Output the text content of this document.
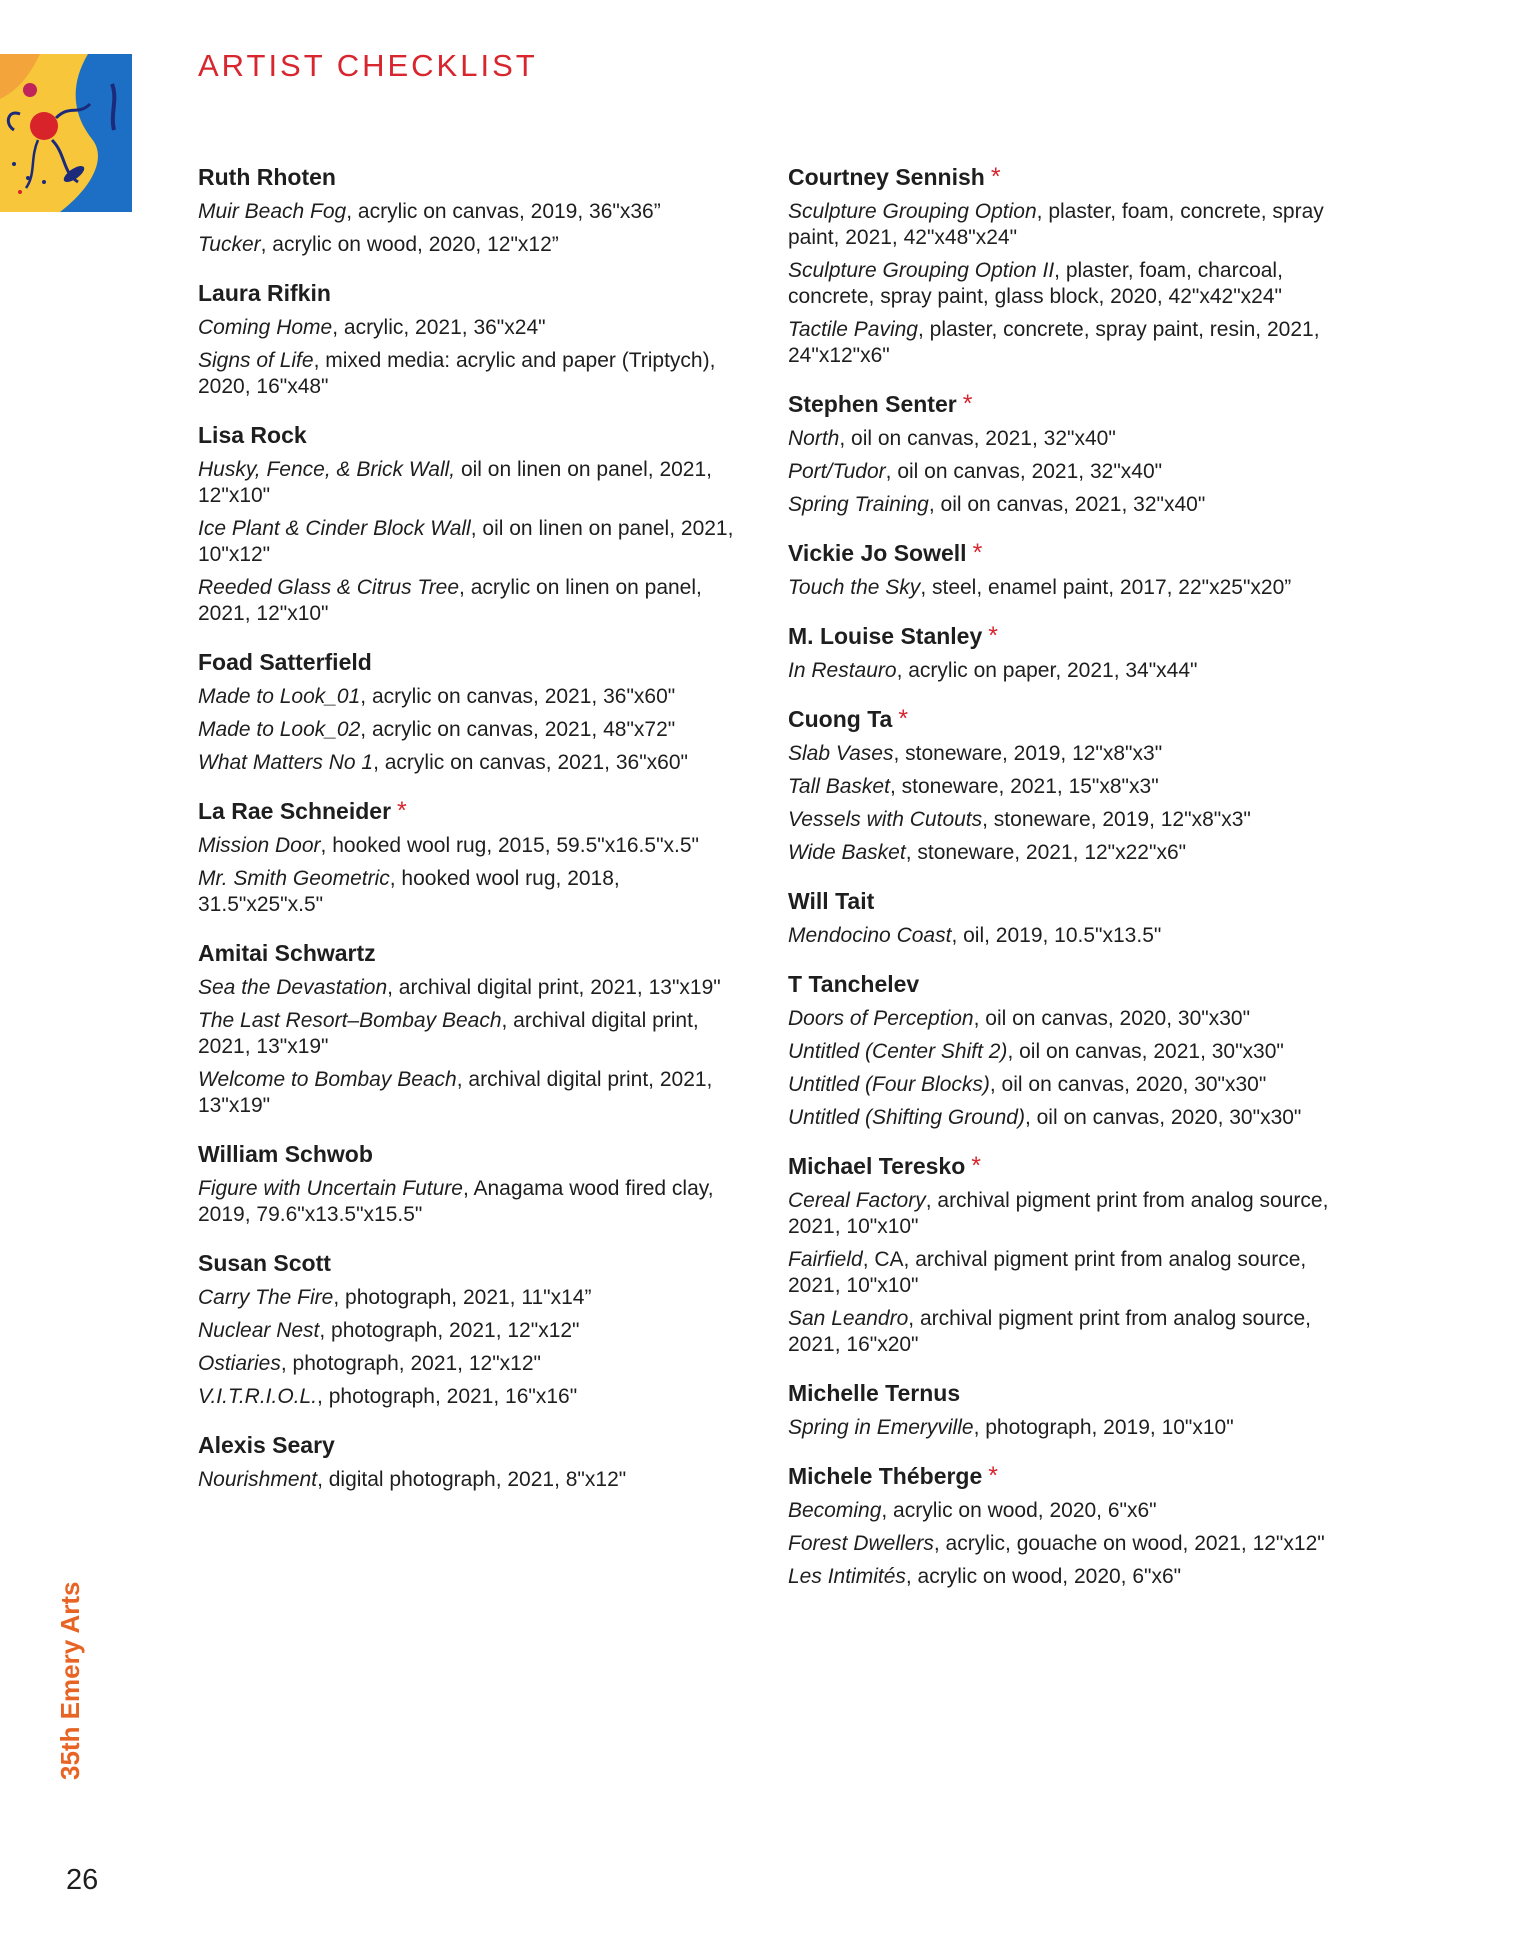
ARTIST CHECKLIST
Ruth Rhoten
Muir Beach Fog, acrylic on canvas, 2019, 36"x36”
Tucker, acrylic on wood, 2020, 12"x12”
Laura Rifkin
Coming Home, acrylic, 2021, 36"x24"
Signs of Life, mixed media: acrylic and paper (Triptych), 2020, 16"x48"
Lisa Rock
Husky, Fence, & Brick Wall, oil on linen on panel, 2021, 12"x10"
Ice Plant & Cinder Block Wall, oil on linen on panel, 2021, 10"x12"
Reeded Glass & Citrus Tree, acrylic on linen on panel, 2021, 12"x10"
Foad Satterfield
Made to Look_01, acrylic on canvas, 2021, 36"x60"
Made to Look_02, acrylic on canvas, 2021, 48"x72"
What Matters No 1, acrylic on canvas, 2021, 36"x60"
La Rae Schneider *
Mission Door, hooked wool rug, 2015, 59.5"x16.5"x.5"
Mr. Smith Geometric, hooked wool rug, 2018, 31.5"x25"x.5"
Amitai Schwartz
Sea the Devastation, archival digital print, 2021, 13"x19"
The Last Resort–Bombay Beach, archival digital print, 2021, 13"x19"
Welcome to Bombay Beach, archival digital print, 2021, 13"x19"
William Schwob
Figure with Uncertain Future, Anagama wood fired clay, 2019, 79.6"x13.5"x15.5"
Susan Scott
Carry The Fire, photograph, 2021, 11"x14”
Nuclear Nest, photograph, 2021, 12"x12"
Ostiaries, photograph, 2021, 12"x12"
V.I.T.R.I.O.L., photograph, 2021, 16"x16"
Alexis Seary
Nourishment, digital photograph, 2021, 8"x12"
Courtney Sennish *
Sculpture Grouping Option, plaster, foam, concrete, spray paint, 2021, 42"x48"x24"
Sculpture Grouping Option II, plaster, foam, charcoal, concrete, spray paint, glass block, 2020, 42"x42"x24"
Tactile Paving, plaster, concrete, spray paint, resin, 2021, 24"x12"x6"
Stephen Senter *
North, oil on canvas, 2021, 32"x40"
Port/Tudor, oil on canvas, 2021, 32"x40"
Spring Training, oil on canvas, 2021, 32"x40"
Vickie Jo Sowell *
Touch the Sky, steel, enamel paint, 2017, 22"x25"x20”
M. Louise Stanley *
In Restauro, acrylic on paper, 2021, 34"x44"
Cuong Ta *
Slab Vases, stoneware, 2019, 12"x8"x3"
Tall Basket, stoneware, 2021, 15"x8"x3"
Vessels with Cutouts, stoneware, 2019, 12"x8"x3"
Wide Basket, stoneware, 2021, 12"x22"x6"
Will Tait
Mendocino Coast, oil, 2019, 10.5"x13.5"
T Tanchelev
Doors of Perception, oil on canvas, 2020, 30"x30"
Untitled (Center Shift 2), oil on canvas, 2021, 30"x30"
Untitled (Four Blocks), oil on canvas, 2020, 30"x30"
Untitled (Shifting Ground), oil on canvas, 2020, 30"x30"
Michael Teresko *
Cereal Factory, archival pigment print from analog source, 2021, 10"x10"
Fairfield, CA, archival pigment print from analog source, 2021, 10"x10"
San Leandro, archival pigment print from analog source, 2021, 16"x20"
Michelle Ternus
Spring in Emeryville, photograph, 2019, 10"x10"
Michele Théberge *
Becoming, acrylic on wood, 2020, 6"x6"
Forest Dwellers, acrylic, gouache on wood, 2021, 12"x12"
Les Intimités, acrylic on wood, 2020, 6"x6"
35th Emery Arts
26
